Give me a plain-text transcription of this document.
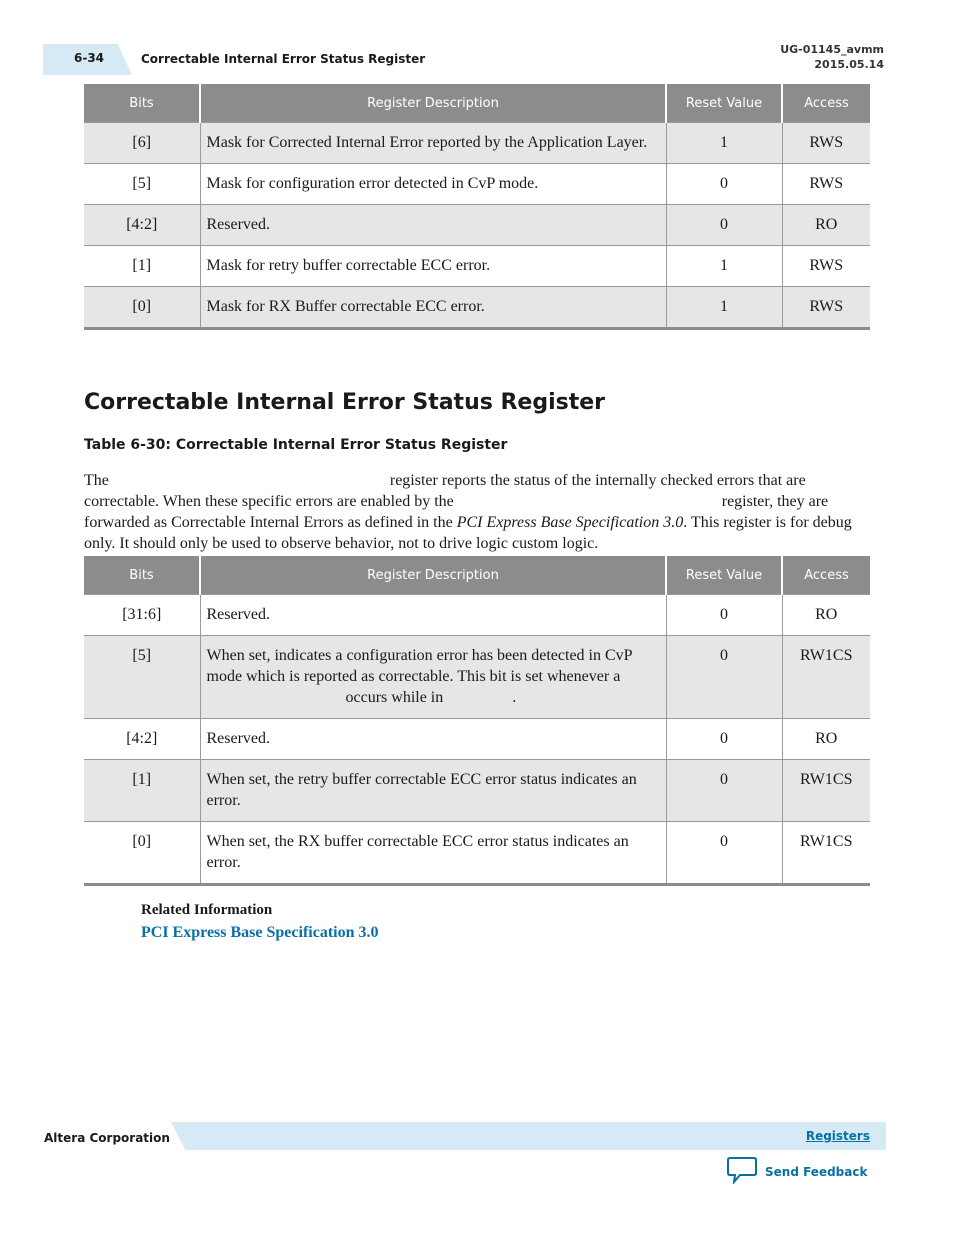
6-34	Correctable Internal Error Status Register
UG-01145_avmm
2015.05.14
Bits	Register Description	Reset Value	Access
[6]	Mask for Corrected Internal Error reported by the Application Layer.	1	RWS
[5]	Mask for configuration error detected in CvP mode.	0	RWS
[4:2]	Reserved.	0	RO
[1]	Mask for retry buffer correctable ECC error.	1	RWS
[0]	Mask for RX Buffer correctable ECC error.	1	RWS
Correctable Internal Error Status Register
Table 6-30: Correctable Internal Error Status Register

The	register reports the status of the internally checked errors that are correctable. When these specific errors are enabled by the	register, they are forwarded as Correctable Internal Errors as defined in the PCI Express Base Specification 3.0. This register is for debug only. It should only be used to observe behavior, not to drive logic custom logic.

Bits	Register Description	Reset Value	Access
[31:6]	Reserved.	0	RO
[5]	When set, indicates a configuration error has been detected in CvP mode which is reported as correctable. This bit is set whenever aoccurs while in .	0	RW1CS
[4:2]	Reserved.	0	RO
[1]	When set, the retry buffer correctable ECC error status indicates an error.	0	RW1CS
[0]	When set, the RX buffer correctable ECC error status indicates an error.	0	RW1CS
Related Information
PCI Express Base Specification 3.0
Altera Corporation	Registers
Send Feedback
